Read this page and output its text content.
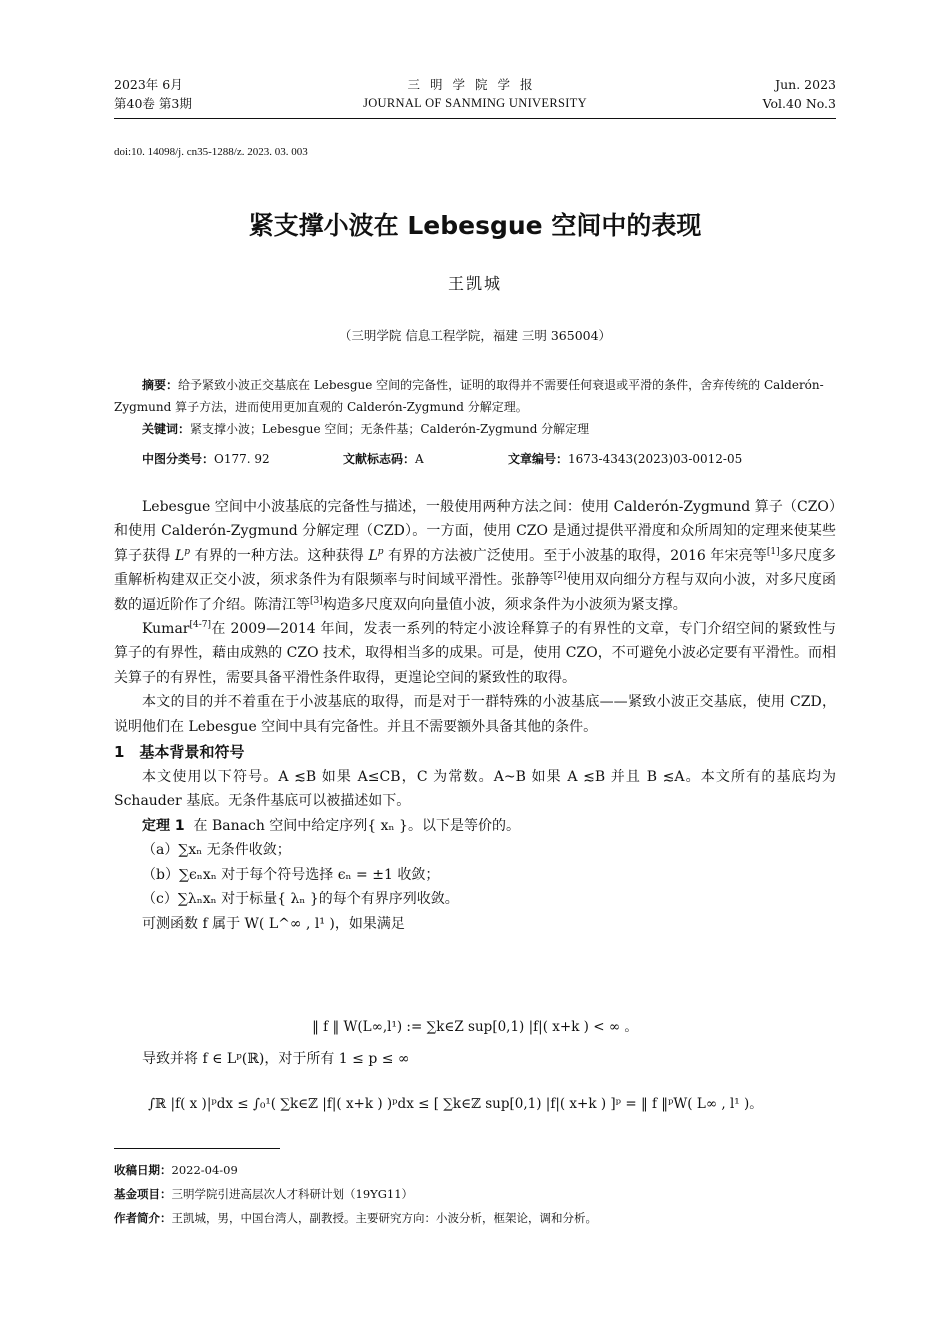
2023年 6月
第40卷 第3期
三明学院学报
JOURNAL OF SANMING UNIVERSITY
Jun. 2023
Vol.40 No.3
doi:10. 14098/j. cn35-1288/z. 2023. 03. 003
紧支撑小波在 Lebesgue 空间中的表现
王凯城
（三明学院 信息工程学院，福建 三明 365004）

摘要：给予紧致小波正交基底在 Lebesgue 空间的完备性，证明的取得并不需要任何衰退或平滑的条件，舍弃传统的 Calderón-Zygmund 算子方法，进而使用更加直观的 Calderón-Zygmund 分解定理。

关键词：紧支撑小波；Lebesgue 空间；无条件基；Calderón-Zygmund 分解定理

中图分类号：O177. 92	文献标志码：A	文章编号：1673-4343(2023)03-0012-05

Lebesgue 空间中小波基底的完备性与描述，一般使用两种方法之间：使用 Calderón-Zygmund 算子（CZO）和使用 Calderón-Zygmund 分解定理（CZD）。一方面，使用 CZO 是通过提供平滑度和众所周知的定理来使某些算子获得 $L^p$ 有界的一种方法。这种获得 $L^p$ 有界的方法被广泛使用。至于小波基的取得，2016 年宋亮等[1]多尺度多重解析构建双正交小波，须求条件为有限频率与时间域平滑性。张静等[2]使用双向细分方程与双向小波，对多尺度函数的逼近阶作了介绍。陈清江等[3]构造多尺度双向向量值小波，须求条件为小波须为紧支撑。

Kumar[4-7]在 2009—2014 年间，发表一系列的特定小波诠释算子的有界性的文章，专门介绍空间的紧致性与算子的有界性，藉由成熟的 CZO 技术，取得相当多的成果。可是，使用 CZO，不可避免小波必定要有平滑性。而相关算子的有界性，需要具备平滑性条件取得，更遑论空间的紧致性的取得。

本文的目的并不着重在于小波基底的取得，而是对于一群特殊的小波基底——紧致小波正交基底，使用 CZD，说明他们在 Lebesgue 空间中具有完备性。并且不需要额外具备其他的条件。

1　基本背景和符号

本文使用以下符号。A ≲B 如果 A≤CB，C 为常数。A~B 如果 A ≲B 并且 B ≲A。本文所有的基底均为 Schauder 基底。无条件基底可以被描述如下。

定理 1 在 Banach 空间中给定序列{ xₙ }。以下是等价的。

（a）∑xₙ 无条件收敛；

（b）∑ϵₙxₙ 对于每个符号选择 ϵₙ = ±1 收敛；

（c）∑λₙxₙ 对于标量{ λₙ }的每个有界序列收敛。

可测函数 f 属于 W( L^∞ , l¹ )，如果满足

‖ f ‖ W(L∞,l¹) := ∑k∈Z sup[0,1) |f|( x+k ) < ∞ 。

导致并将 f ∈ Lᵖ(ℝ)，对于所有 1 ≤ p ≤ ∞

∫ℝ |f( x )|ᵖdx ≤ ∫₀¹( ∑k∈ℤ |f|( x+k ) )ᵖdx ≤ [ ∑k∈ℤ sup[0,1) |f|( x+k ) ]ᵖ = ‖ f ‖ᵖW( L∞ , l¹ )。

收稿日期：2022-04-09

基金项目：三明学院引进高层次人才科研计划（19YG11）

作者简介：王凯城，男，中国台湾人，副教授。主要研究方向：小波分析，框架论，调和分析。
